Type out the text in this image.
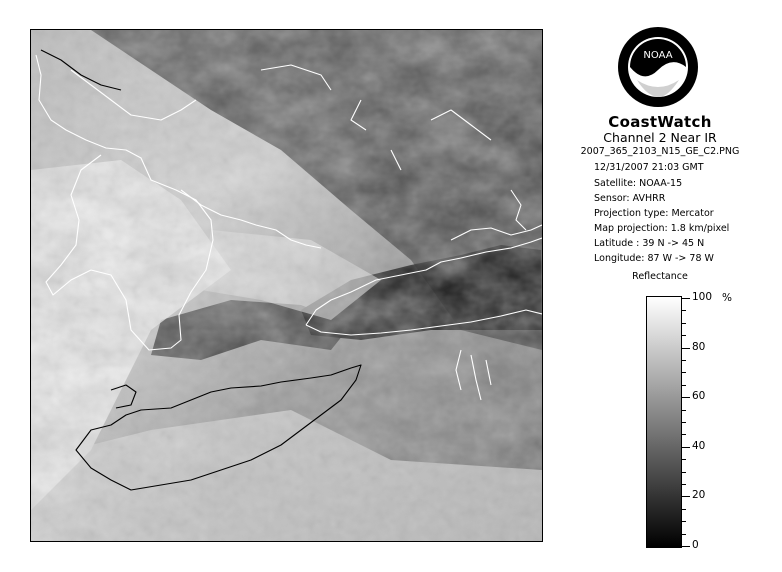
NOAA
CoastWatch
Channel 2 Near IR
2007_365_2103_N15_GE_C2.PNG
12/31/2007 21:03 GMT
Satellite: NOAA-15
Sensor: AVHRR
Projection type: Mercator
Map projection: 1.8 km/pixel
Latitude : 39 N -> 45 N
Longitude: 87 W -> 78 W
Reflectance
%
100
80
60
40
20
0
